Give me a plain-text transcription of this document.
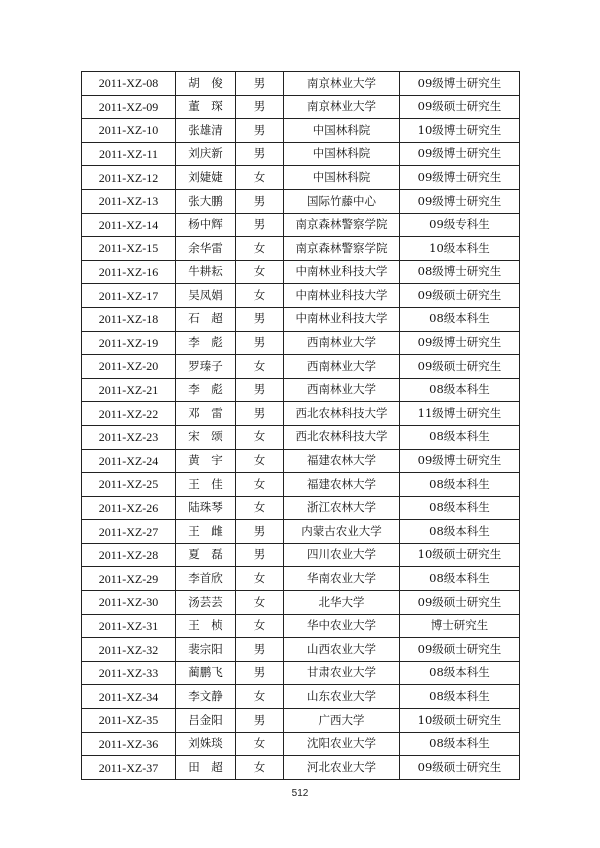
2011-XZ-08	胡　俊	男	南京林业大学	09级博士研究生
2011-XZ-09	董　琛	男	南京林业大学	09级硕士研究生
2011-XZ-10	张雄清	男	中国林科院	10级博士研究生
2011-XZ-11	刘庆新	男	中国林科院	09级博士研究生
2011-XZ-12	刘婕婕	女	中国林科院	09级博士研究生
2011-XZ-13	张大鹏	男	国际竹藤中心	09级博士研究生
2011-XZ-14	杨中辉	男	南京森林警察学院	09级专科生
2011-XZ-15	余华雷	女	南京森林警察学院	10级本科生
2011-XZ-16	牛耕耘	女	中南林业科技大学	08级博士研究生
2011-XZ-17	吴凤娟	女	中南林业科技大学	09级硕士研究生
2011-XZ-18	石　超	男	中南林业科技大学	08级本科生
2011-XZ-19	李　彪	男	西南林业大学	09级博士研究生
2011-XZ-20	罗瑧子	女	西南林业大学	09级硕士研究生
2011-XZ-21	李　彪	男	西南林业大学	08级本科生
2011-XZ-22	邓　雷	男	西北农林科技大学	11级博士研究生
2011-XZ-23	宋　颂	女	西北农林科技大学	08级本科生
2011-XZ-24	黄　宇	女	福建农林大学	09级博士研究生
2011-XZ-25	王　佳	女	福建农林大学	08级本科生
2011-XZ-26	陆珠琴	女	浙江农林大学	08级本科生
2011-XZ-27	王　雌	男	内蒙古农业大学	08级本科生
2011-XZ-28	夏　磊	男	四川农业大学	10级硕士研究生
2011-XZ-29	李首欣	女	华南农业大学	08级本科生
2011-XZ-30	汤芸芸	女	北华大学	09级硕士研究生
2011-XZ-31	王　桢	女	华中农业大学	博士研究生
2011-XZ-32	裴宗阳	男	山西农业大学	09级硕士研究生
2011-XZ-33	蔺鹏飞	男	甘肃农业大学	08级本科生
2011-XZ-34	李文静	女	山东农业大学	08级本科生
2011-XZ-35	吕金阳	男	广西大学	10级硕士研究生
2011-XZ-36	刘姝琰	女	沈阳农业大学	08级本科生
2011-XZ-37	田　超	女	河北农业大学	09级硕士研究生
512
